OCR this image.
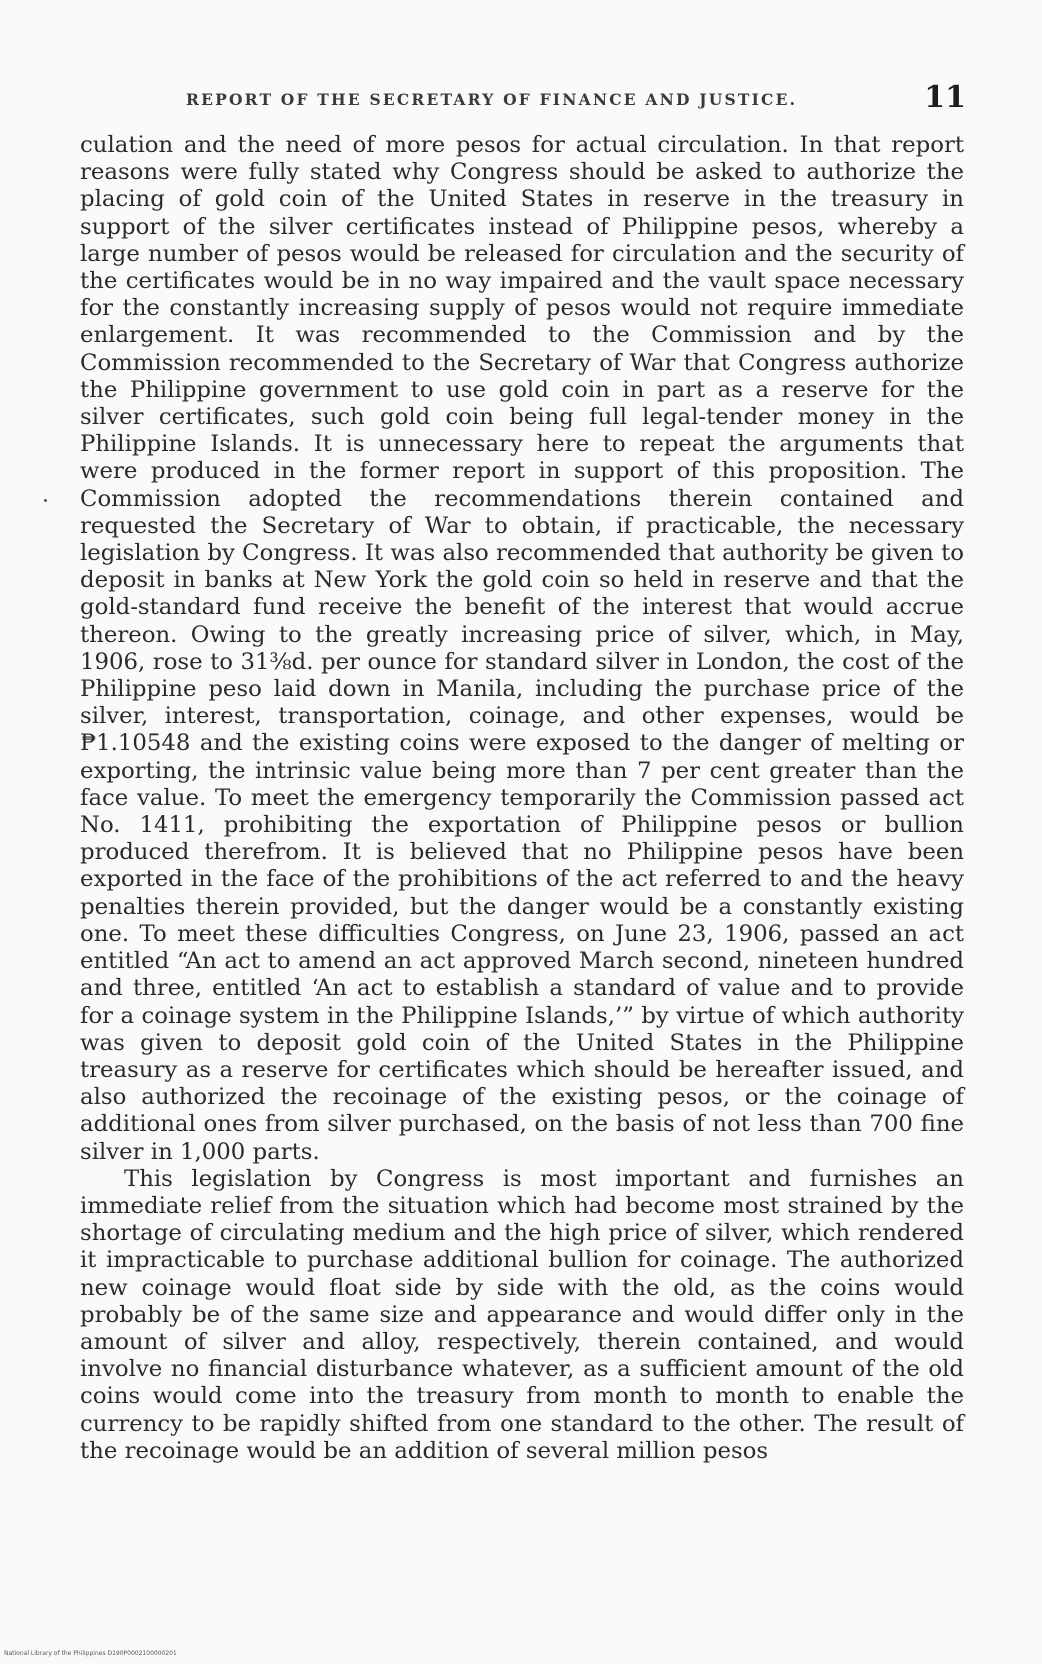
REPORT OF THE SECRETARY OF FINANCE AND JUSTICE.	11

culation and the need of more pesos for actual circulation. In that report reasons were fully stated why Congress should be asked to authorize the placing of gold coin of the United States in reserve in the treasury in support of the silver certificates instead of Philippine pesos, whereby a large number of pesos would be released for circulation and the security of the certificates would be in no way impaired and the vault space necessary for the constantly increasing supply of pesos would not require immediate enlargement. It was recommended to the Commission and by the Commission recommended to the Secretary of War that Congress authorize the Philippine government to use gold coin in part as a reserve for the silver certificates, such gold coin being full legal-tender money in the Philippine Islands. It is unnecessary here to repeat the arguments that were produced in the former report in support of this proposition. The Commission adopted the recommendations therein contained and requested the Secretary of War to obtain, if practicable, the necessary legislation by Congress. It was also recommended that authority be given to deposit in banks at New York the gold coin so held in reserve and that the gold-standard fund receive the benefit of the interest that would accrue thereon. Owing to the greatly increasing price of silver, which, in May, 1906, rose to 31⅜d. per ounce for standard silver in London, the cost of the Philippine peso laid down in Manila, including the purchase price of the silver, interest, transportation, coinage, and other expenses, would be ₱1.10548 and the existing coins were exposed to the danger of melting or exporting, the intrinsic value being more than 7 per cent greater than the face value. To meet the emergency temporarily the Commission passed act No. 1411, prohibiting the exportation of Philippine pesos or bullion produced therefrom. It is believed that no Philippine pesos have been exported in the face of the prohibitions of the act referred to and the heavy penalties therein provided, but the danger would be a constantly existing one. To meet these difficulties Congress, on June 23, 1906, passed an act entitled “An act to amend an act approved March second, nineteen hundred and three, entitled ‘An act to establish a standard of value and to provide for a coinage system in the Philippine Islands,’” by virtue of which authority was given to deposit gold coin of the United States in the Philippine treasury as a reserve for certificates which should be hereafter issued, and also authorized the recoinage of the existing pesos, or the coinage of additional ones from silver purchased, on the basis of not less than 700 fine silver in 1,000 parts.

This legislation by Congress is most important and furnishes an immediate relief from the situation which had become most strained by the shortage of circulating medium and the high price of silver, which rendered it impracticable to purchase additional bullion for coinage. The authorized new coinage would float side by side with the old, as the coins would probably be of the same size and appearance and would differ only in the amount of silver and alloy, respectively, therein contained, and would involve no financial disturbance whatever, as a sufficient amount of the old coins would come into the treasury from month to month to enable the currency to be rapidly shifted from one standard to the other. The result of the recoinage would be an addition of several million pesos

National Library of the Philippines D190P0002100000201
